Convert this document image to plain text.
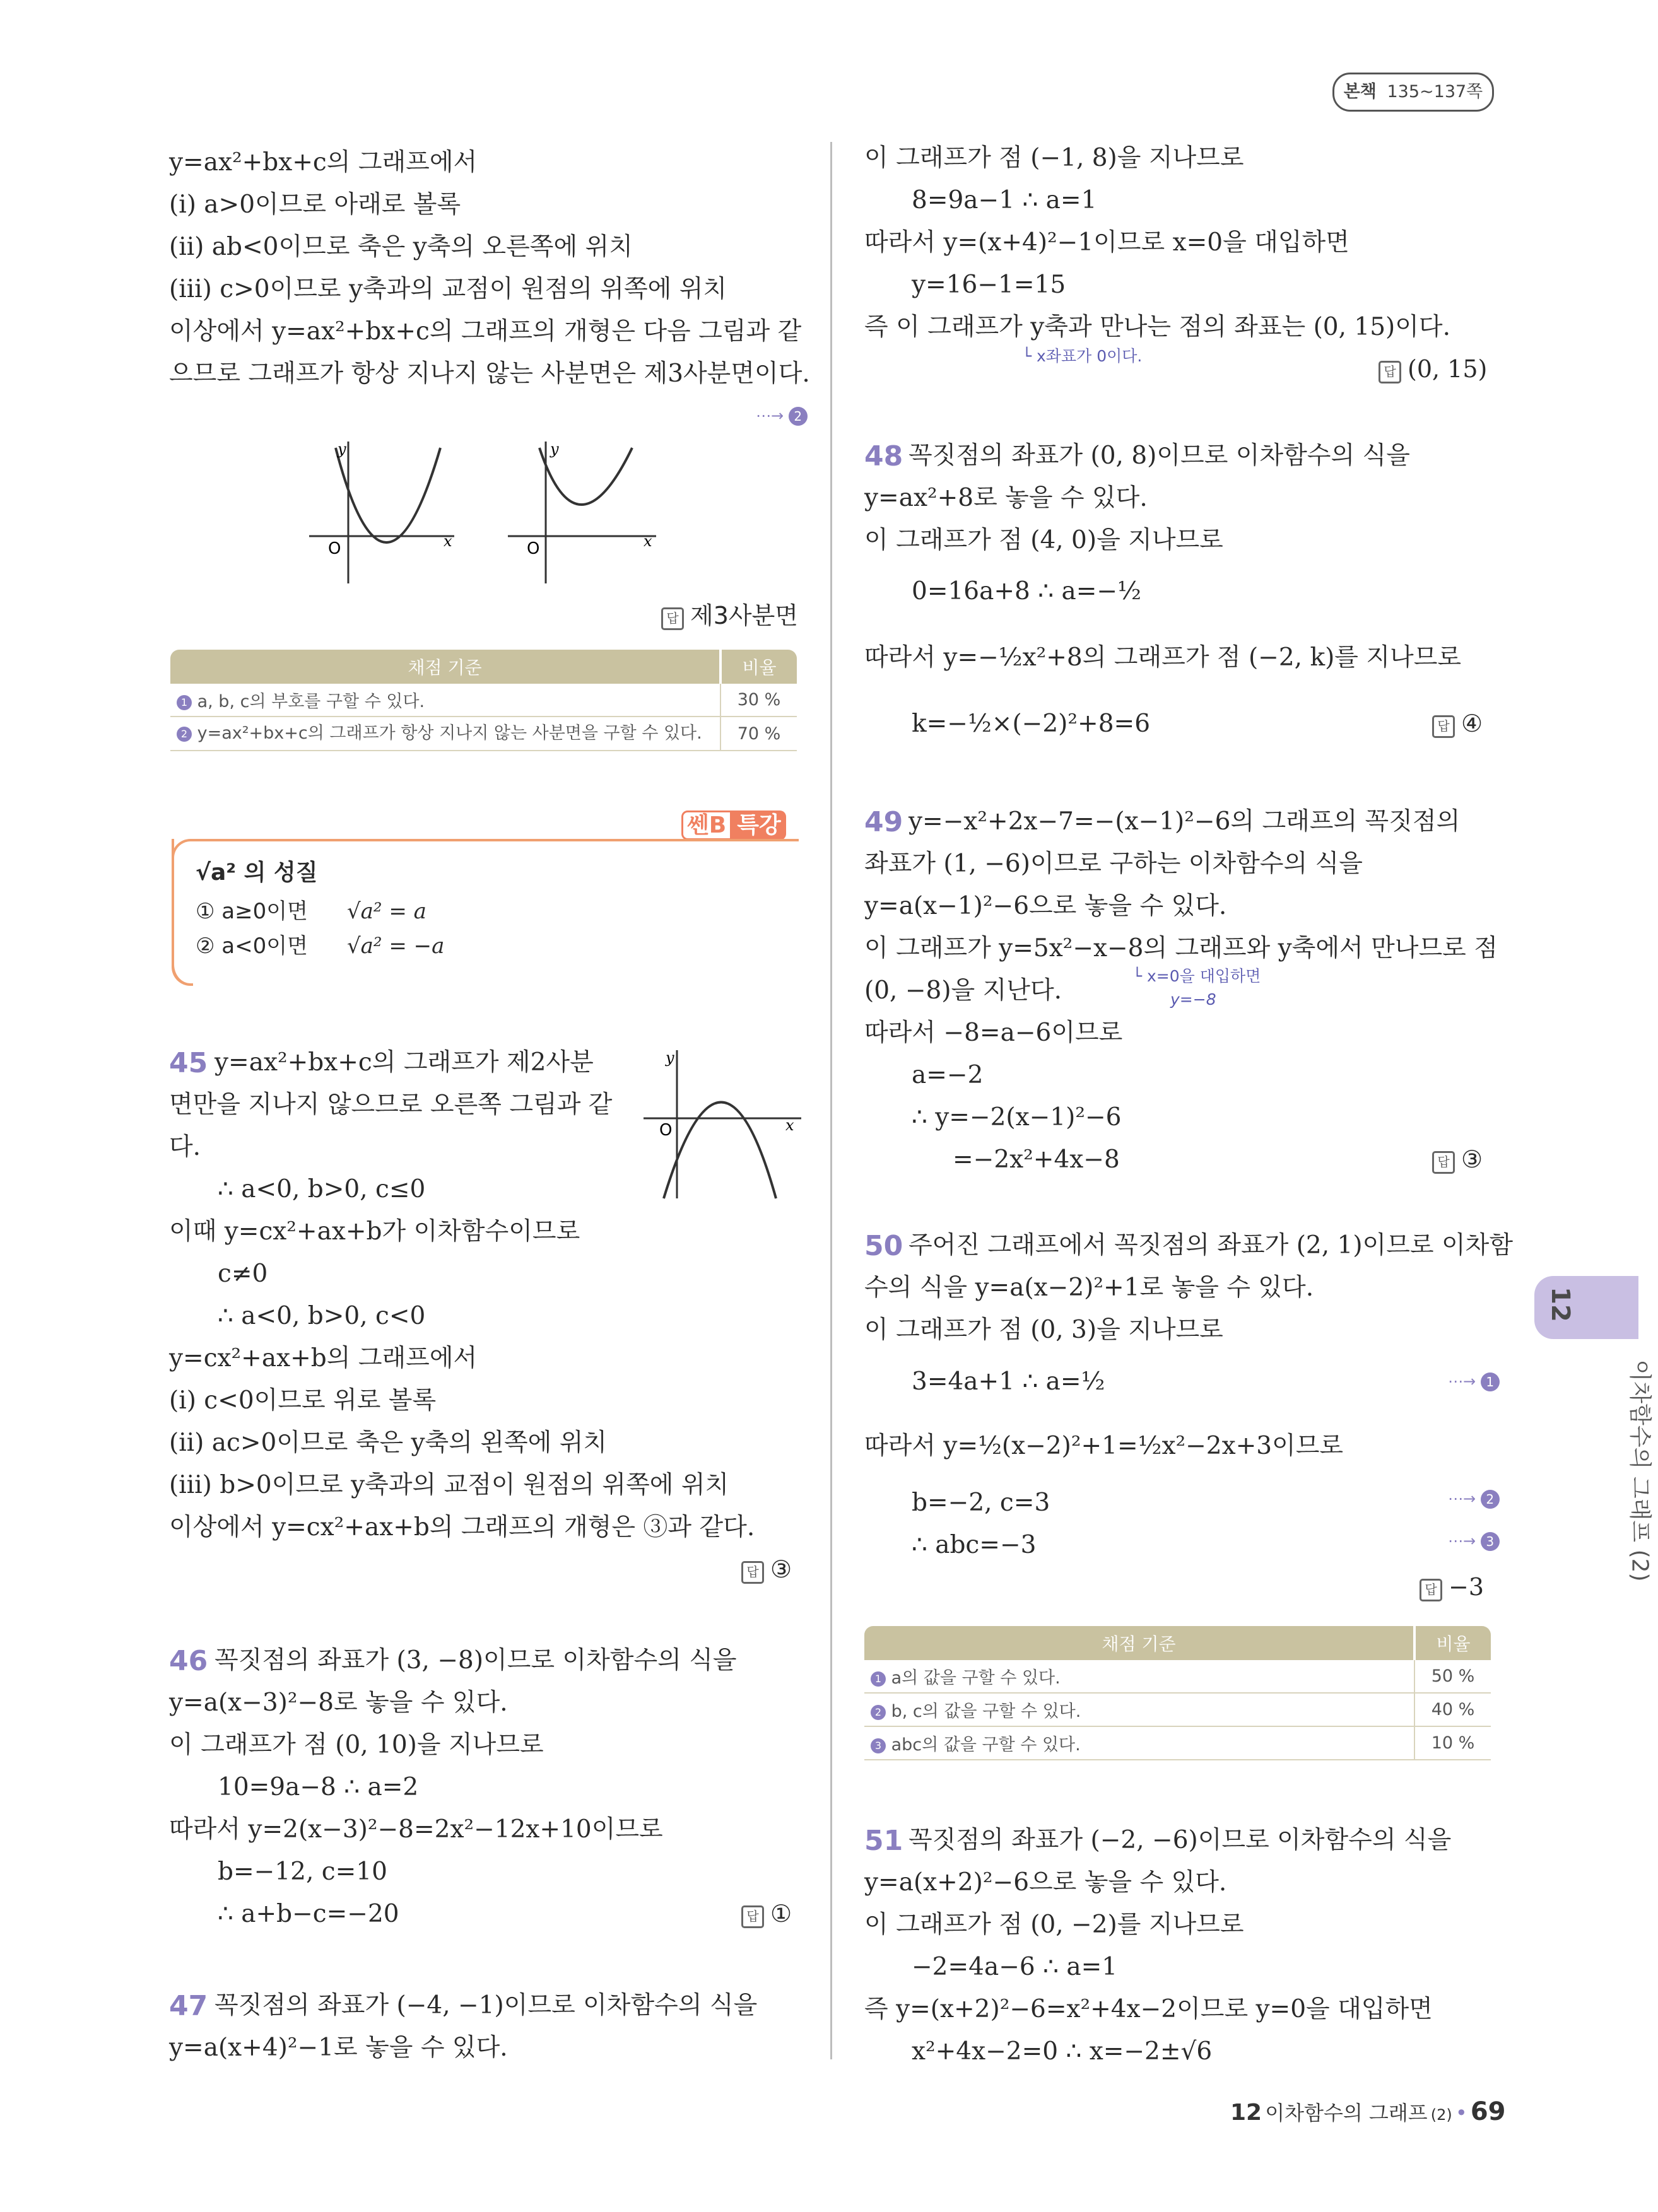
본책 135~137쪽
y=ax²+bx+c의 그래프에서
(ⅰ) a>0이므로 아래로 볼록
(ⅱ) ab<0이므로 축은 y축의 오른쪽에 위치
(ⅲ) c>0이므로 y축과의 교점이 원점의 위쪽에 위치
이상에서 y=ax²+bx+c의 그래프의 개형은 다음 그림과 같
으므로 그래프가 항상 지나지 않는 사분면은 제3사분면이다.
⋯→ 2
y
x
O
y
x
O
답 제3사분면
채점 기준	비율
1 a, b, c의 부호를 구할 수 있다.	30 %
2 y=ax²+bx+c의 그래프가 항상 지나지 않는 사분면을 구할 수 있다.	70 %
쎈B 특강
√a² 의 성질
① a≥0이면 √a² = a
② a<0이면 √a² = −a
45 y=ax²+bx+c의 그래프가 제2사분
면만을 지나지 않으므로 오른쪽 그림과 같
다.
∴ a<0, b>0, c≤0
이때 y=cx²+ax+b가 이차함수이므로
c≠0
∴ a<0, b>0, c<0
y=cx²+ax+b의 그래프에서
(ⅰ) c<0이므로 위로 볼록
(ⅱ) ac>0이므로 축은 y축의 왼쪽에 위치
(ⅲ) b>0이므로 y축과의 교점이 원점의 위쪽에 위치
이상에서 y=cx²+ax+b의 그래프의 개형은 ③과 같다.
답 ③
y
x
O
46 꼭짓점의 좌표가 (3, −8)이므로 이차함수의 식을
y=a(x−3)²−8로 놓을 수 있다.
이 그래프가 점 (0, 10)을 지나므로
10=9a−8 ∴ a=2
따라서 y=2(x−3)²−8=2x²−12x+10이므로
b=−12, c=10
∴ a+b−c=−20	답 ①
47 꼭짓점의 좌표가 (−4, −1)이므로 이차함수의 식을
y=a(x+4)²−1로 놓을 수 있다.
이 그래프가 점 (−1, 8)을 지나므로
8=9a−1 ∴ a=1
따라서 y=(x+4)²−1이므로 x=0을 대입하면
y=16−1=15
즉 이 그래프가 y축과 만나는 점의 좌표는 (0, 15)이다.
└ x좌표가 0이다.
답 (0, 15)
48 꼭짓점의 좌표가 (0, 8)이므로 이차함수의 식을
y=ax²+8로 놓을 수 있다.
이 그래프가 점 (4, 0)을 지나므로
0=16a+8 ∴ a=−½
따라서 y=−½x²+8의 그래프가 점 (−2, k)를 지나므로
k=−½×(−2)²+8=6	답 ④
49 y=−x²+2x−7=−(x−1)²−6의 그래프의 꼭짓점의
좌표가 (1, −6)이므로 구하는 이차함수의 식을
y=a(x−1)²−6으로 놓을 수 있다.
이 그래프가 y=5x²−x−8의 그래프와 y축에서 만나므로 점
(0, −8)을 지난다.
└ x=0을 대입하면
y=−8
따라서 −8=a−6이므로
a=−2
∴ y=−2(x−1)²−6
=−2x²+4x−8	답 ③
50 주어진 그래프에서 꼭짓점의 좌표가 (2, 1)이므로 이차함
수의 식을 y=a(x−2)²+1로 놓을 수 있다.
이 그래프가 점 (0, 3)을 지나므로
3=4a+1 ∴ a=½	⋯→ 1
따라서 y=½(x−2)²+1=½x²−2x+3이므로
b=−2, c=3	⋯→ 2
∴ abc=−3	⋯→ 3
답 −3
채점 기준	비율
1 a의 값을 구할 수 있다.	50 %
2 b, c의 값을 구할 수 있다.	40 %
3 abc의 값을 구할 수 있다.	10 %
51 꼭짓점의 좌표가 (−2, −6)이므로 이차함수의 식을
y=a(x+2)²−6으로 놓을 수 있다.
이 그래프가 점 (0, −2)를 지나므로
−2=4a−6 ∴ a=1
즉 y=(x+2)²−6=x²+4x−2이므로 y=0을 대입하면
x²+4x−2=0 ∴ x=−2±√6
12
이차함수의 그래프 (2)
12 이차함수의 그래프 (2) • 69
